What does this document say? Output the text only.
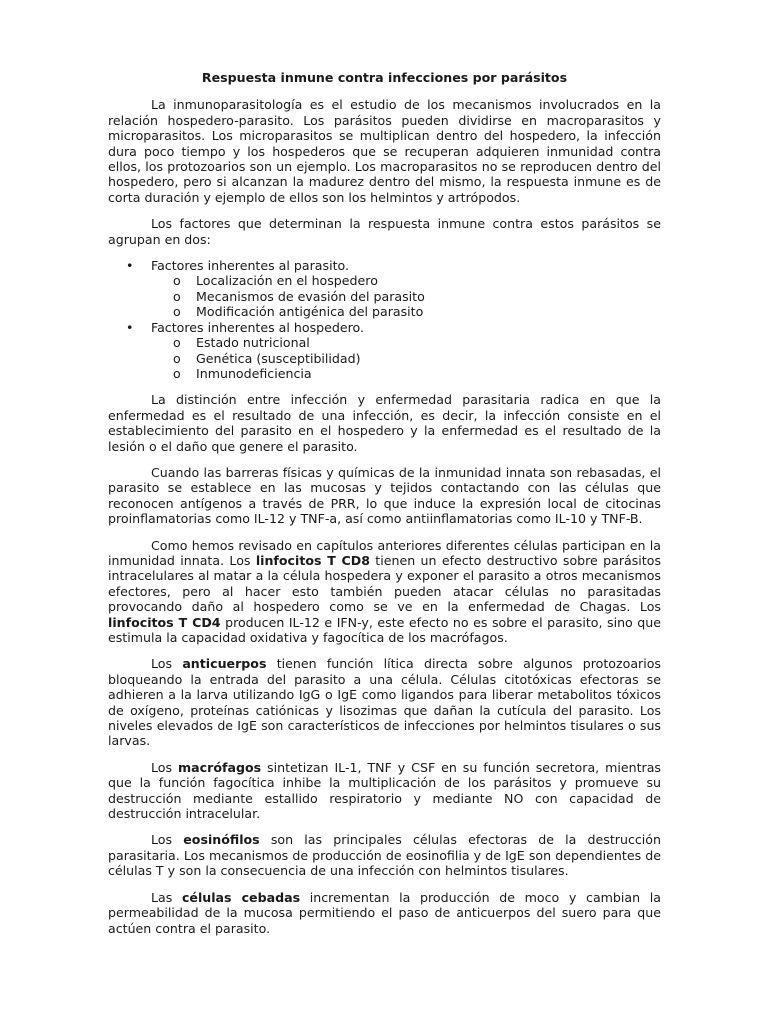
Respuesta inmune contra infecciones por parásitos

La inmunoparasitología es el estudio de los mecanismos involucrados en la relación hospedero-parasito. Los parásitos pueden dividirse en macroparasitos y microparasitos. Los microparasitos se multiplican dentro del hospedero, la infección dura poco tiempo y los hospederos que se recuperan adquieren inmunidad contra ellos, los protozoarios son un ejemplo. Los macroparasitos no se reproducen dentro del hospedero, pero si alcanzan la madurez dentro del mismo, la respuesta inmune es de corta duración y ejemplo de ellos son los helmintos y artrópodos.

Los factores que determinan la respuesta inmune contra estos parásitos se agrupan en dos:

• Factores inherentes al parasito.
o Localización en el hospedero
o Mecanismos de evasión del parasito
o Modificación antigénica del parasito
• Factores inherentes al hospedero.
o Estado nutricional
o Genética (susceptibilidad)
o Inmunodeficiencia

La distinción entre infección y enfermedad parasitaria radica en que la enfermedad es el resultado de una infección, es decir, la infección consiste en el establecimiento del parasito en el hospedero y la enfermedad es el resultado de la lesión o el daño que genere el parasito.

Cuando las barreras físicas y químicas de la inmunidad innata son rebasadas, el parasito se establece en las mucosas y tejidos contactando con las células que reconocen antígenos a través de PRR, lo que induce la expresión local de citocinas proinflamatorias como IL-12 y TNF-a, así como antiinflamatorias como IL-10 y TNF-B.

Como hemos revisado en capítulos anteriores diferentes células participan en la inmunidad innata. Los linfocitos T CD8 tienen un efecto destructivo sobre parásitos intracelulares al matar a la célula hospedera y exponer el parasito a otros mecanismos efectores, pero al hacer esto también pueden atacar células no parasitadas provocando daño al hospedero como se ve en la enfermedad de Chagas. Los linfocitos T CD4 producen IL-12 e IFN-y, este efecto no es sobre el parasito, sino que estimula la capacidad oxidativa y fagocítica de los macrófagos.

Los anticuerpos tienen función lítica directa sobre algunos protozoarios bloqueando la entrada del parasito a una célula. Células citotóxicas efectoras se adhieren a la larva utilizando IgG o IgE como ligandos para liberar metabolitos tóxicos de oxígeno, proteínas catiónicas y lisozimas que dañan la cutícula del parasito. Los niveles elevados de IgE son característicos de infecciones por helmintos tisulares o sus larvas.

Los macrófagos sintetizan IL-1, TNF y CSF en su función secretora, mientras que la función fagocítica inhibe la multiplicación de los parásitos y promueve su destrucción mediante estallido respiratorio y mediante NO con capacidad de destrucción intracelular.

Los eosinófilos son las principales células efectoras de la destrucción parasitaria. Los mecanismos de producción de eosinofilia y de IgE son dependientes de células T y son la consecuencia de una infección con helmintos tisulares.

Las células cebadas incrementan la producción de moco y cambian la permeabilidad de la mucosa permitiendo el paso de anticuerpos del suero para que actúen contra el parasito.
